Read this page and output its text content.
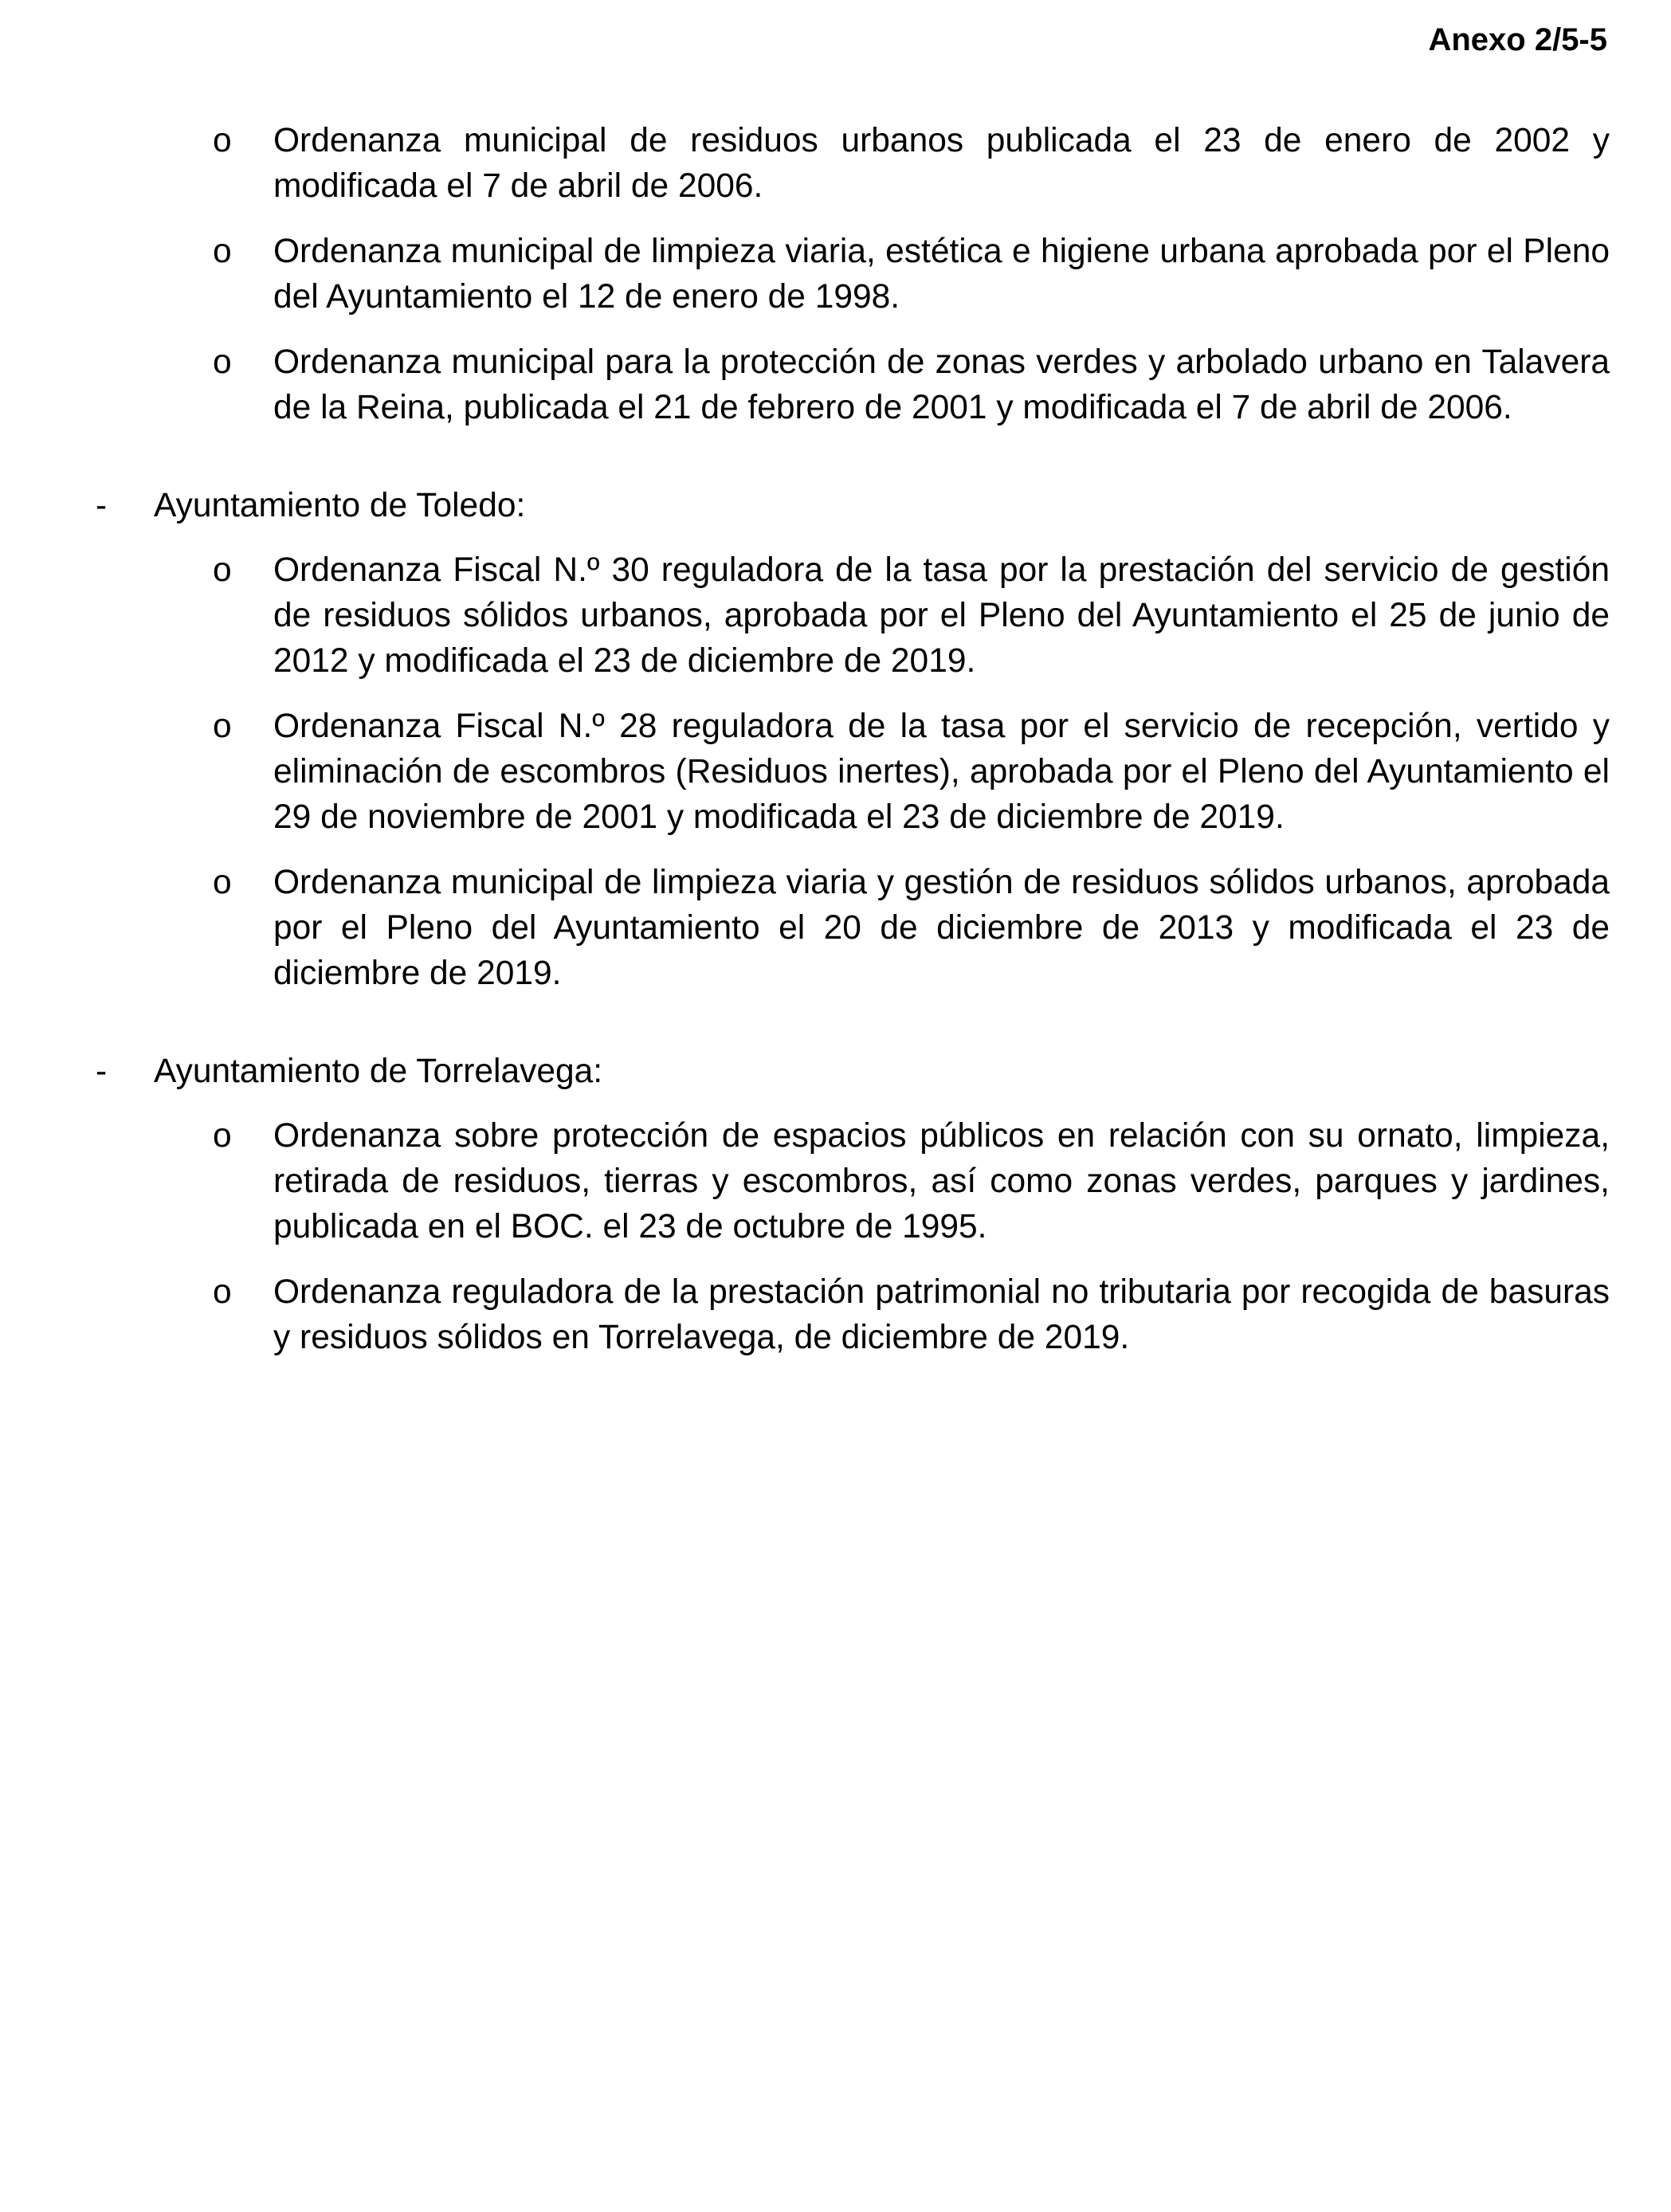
Anexo 2/5-5
o Ordenanza municipal de residuos urbanos publicada el 23 de enero de 2002 y modificada el 7 de abril de 2006.
o Ordenanza municipal de limpieza viaria, estética e higiene urbana aprobada por el Pleno del Ayuntamiento el 12 de enero de 1998.
o Ordenanza municipal para la protección de zonas verdes y arbolado urbano en Talavera de la Reina, publicada el 21 de febrero de 2001 y modificada el 7 de abril de 2006.
- Ayuntamiento de Toledo:
o Ordenanza Fiscal N.º 30 reguladora de la tasa por la prestación del servicio de gestión de residuos sólidos urbanos, aprobada por el Pleno del Ayuntamiento el 25 de junio de 2012 y modificada el 23 de diciembre de 2019.
o Ordenanza Fiscal N.º 28 reguladora de la tasa por el servicio de recepción, vertido y eliminación de escombros (Residuos inertes), aprobada por el Pleno del Ayuntamiento el 29 de noviembre de 2001 y modificada el 23 de diciembre de 2019.
o Ordenanza municipal de limpieza viaria y gestión de residuos sólidos urbanos, aprobada por el Pleno del Ayuntamiento el 20 de diciembre de 2013 y modificada el 23 de diciembre de 2019.
- Ayuntamiento de Torrelavega:
o Ordenanza sobre protección de espacios públicos en relación con su ornato, limpieza, retirada de residuos, tierras y escombros, así como zonas verdes, parques y jardines, publicada en el BOC. el 23 de octubre de 1995.
o Ordenanza reguladora de la prestación patrimonial no tributaria por recogida de basuras y residuos sólidos en Torrelavega, de diciembre de 2019.
